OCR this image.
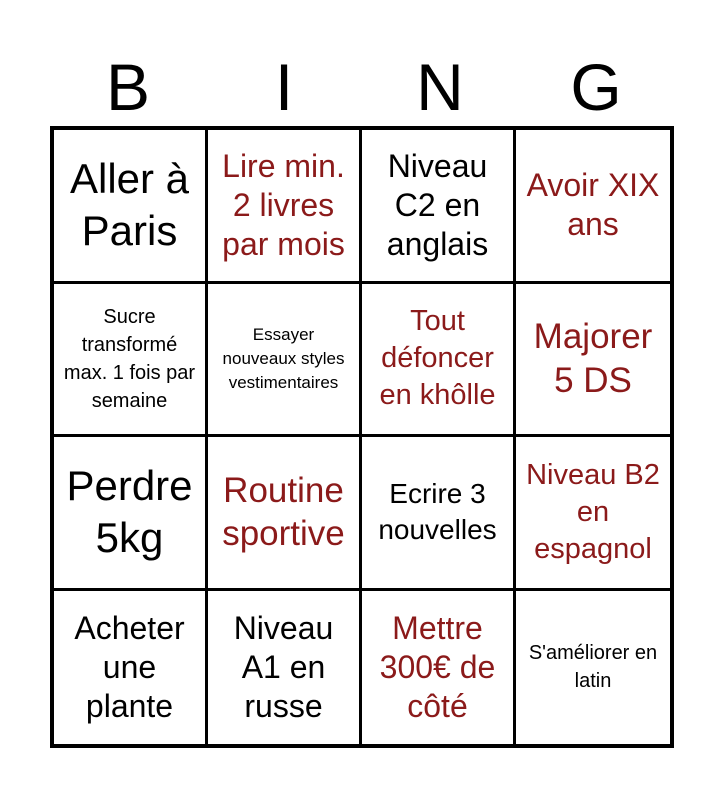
B	I	N	G
Aller à Paris
Lire min. 2 livres par mois
Niveau C2 en anglais
Avoir XIX ans
Sucre transformé max. 1 fois par semaine
Essayer nouveaux styles vestimentaires
Tout défoncer en khôlle
Majorer 5 DS
Perdre 5kg
Routine sportive
Ecrire 3 nouvelles
Niveau B2 en espagnol
Acheter une plante
Niveau A1 en russe
Mettre 300€ de côté
S'améliorer en latin
